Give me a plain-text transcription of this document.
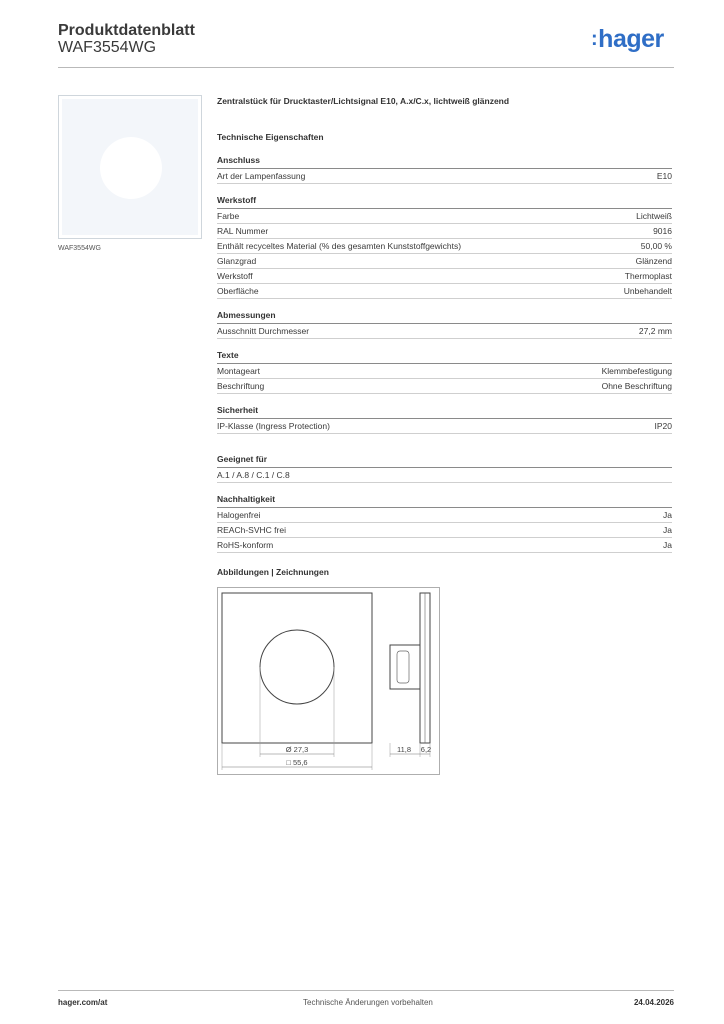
Produktdatenblatt
WAF3554WG	:hager
WAF3554WG
Zentralstück für Drucktaster/Lichtsignal E10, A.x/C.x, lichtweiß glänzend
Technische Eigenschaften
Anschluss
Art der Lampenfassung	E10
Werkstoff
Farbe	Lichtweiß
RAL Nummer	9016
Enthält recyceltes Material (% des gesamten Kunststoffgewichts)	50,00 %
Glanzgrad	Glänzend
Werkstoff	Thermoplast
Oberfläche	Unbehandelt
Abmessungen
Ausschnitt Durchmesser	27,2 mm
Texte
Montageart	Klemmbefestigung
Beschriftung	Ohne Beschriftung
Sicherheit
IP-Klasse (Ingress Protection)	IP20
Geeignet für
A.1 / A.8 / C.1 / C.8
Nachhaltigkeit
Halogenfrei	Ja
REACh-SVHC frei	Ja
RoHS-konform	Ja
Abbildungen | Zeichnungen
Ø 27,3
□ 55,6
11,8 6,2
hager.com/at	Technische Änderungen vorbehalten	24.04.2026
